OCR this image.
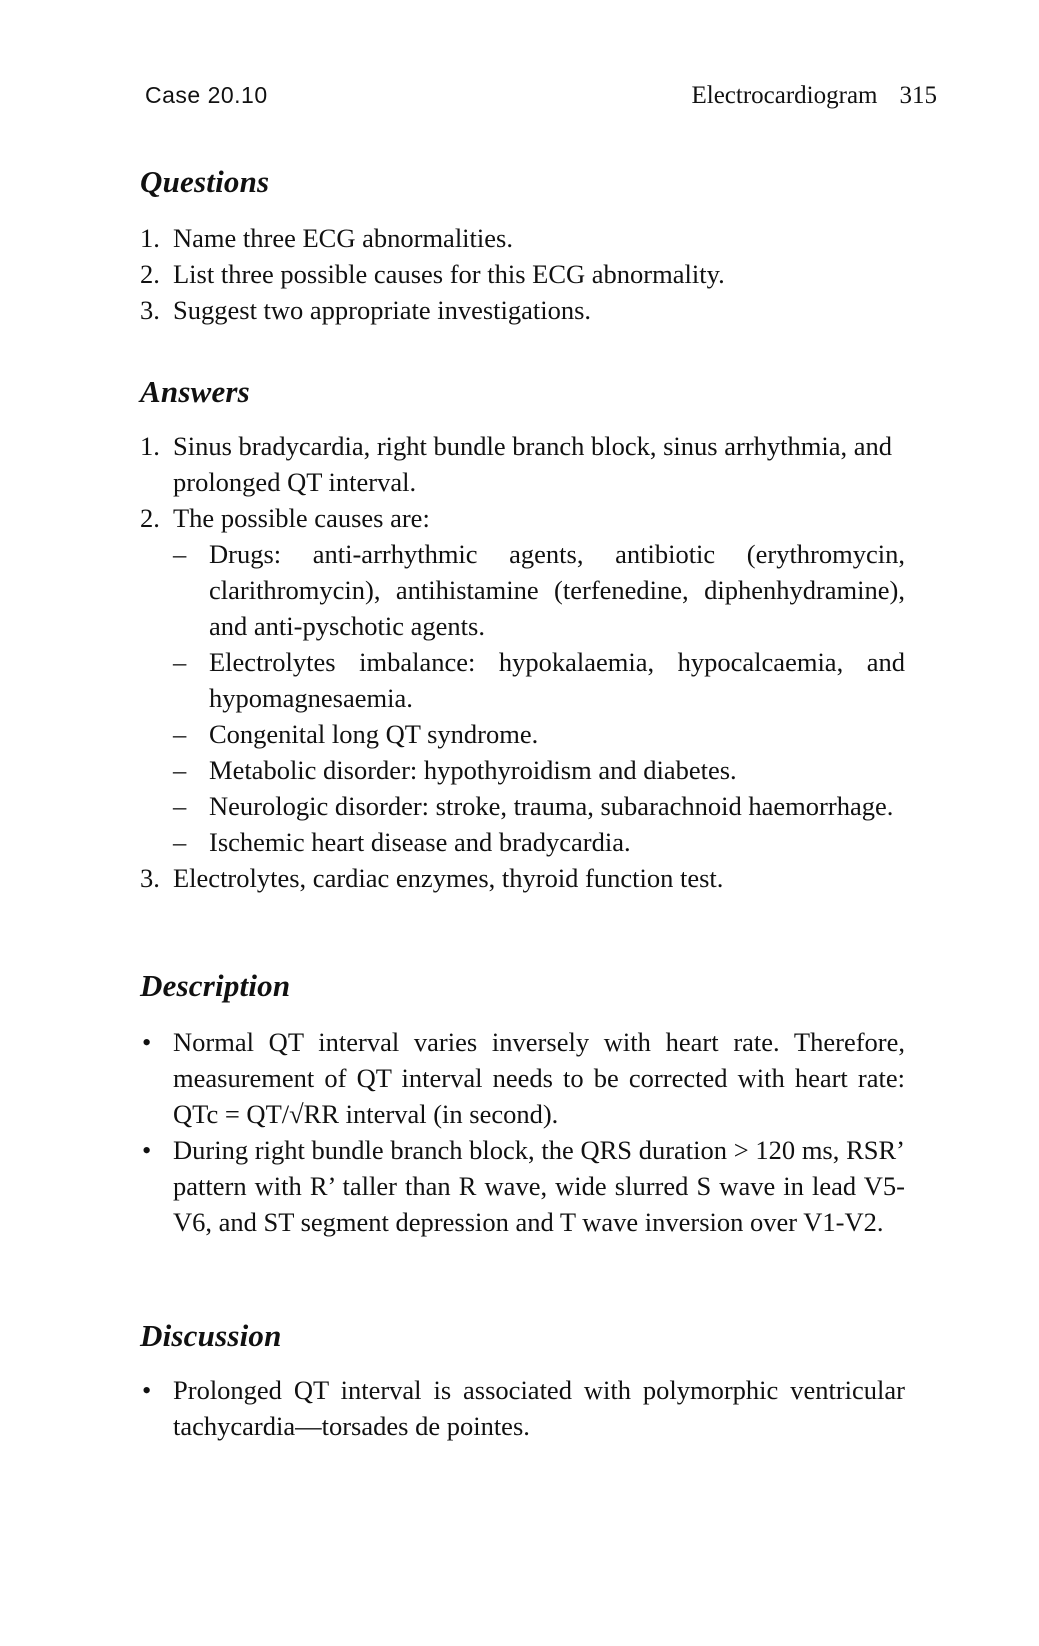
Case 20.10	Electrocardiogram 315
Questions
1. Name three ECG abnormalities.
2. List three possible causes for this ECG abnormality.
3. Suggest two appropriate investigations.
Answers
1. Sinus bradycardia, right bundle branch block, sinus arrhythmia, and prolonged QT interval.
2. The possible causes are:
– Drugs: anti-arrhythmic agents, antibiotic (erythromycin, clarithromycin), antihistamine (terfenedine, diphenhydramine), and anti-pyschotic agents.
– Electrolytes imbalance: hypokalaemia, hypocalcaemia, and hypomagnesaemia.
– Congenital long QT syndrome.
– Metabolic disorder: hypothyroidism and diabetes.
– Neurologic disorder: stroke, trauma, subarachnoid haemorrhage.
– Ischemic heart disease and bradycardia.
3. Electrolytes, cardiac enzymes, thyroid function test.
Description
• Normal QT interval varies inversely with heart rate. Therefore, measurement of QT interval needs to be corrected with heart rate: QTc = QT/√RR interval (in second).
• During right bundle branch block, the QRS duration > 120 ms, RSR’ pattern with R’ taller than R wave, wide slurred S wave in lead V5-V6, and ST segment depression and T wave inversion over V1-V2.
Discussion
• Prolonged QT interval is associated with polymorphic ventricular tachycardia—torsades de pointes.
